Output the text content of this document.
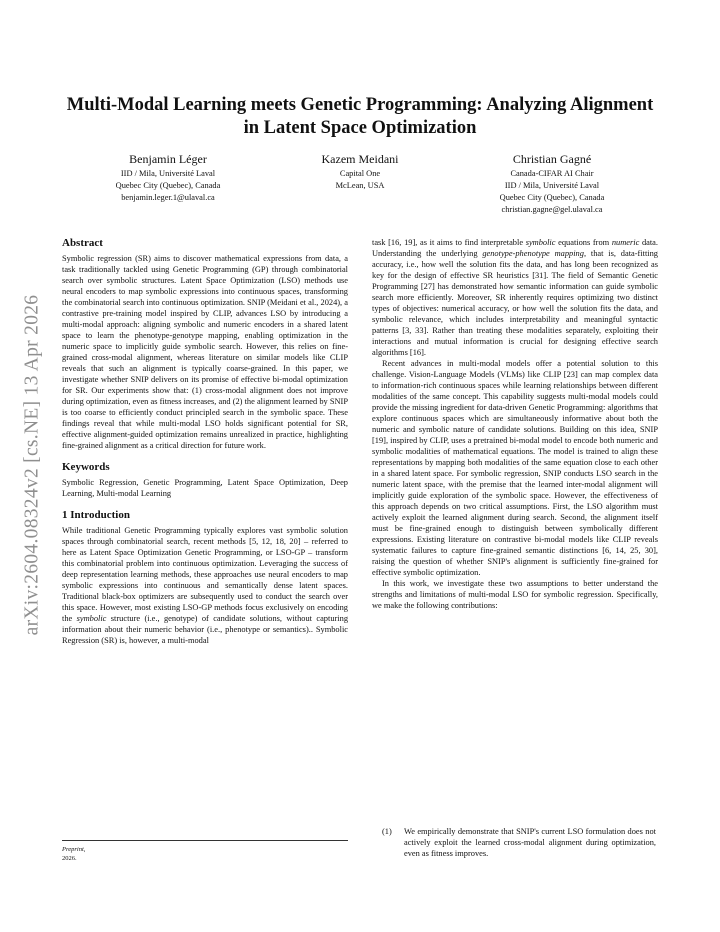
arXiv:2604.08324v2 [cs.NE] 13 Apr 2026
Multi-Modal Learning meets Genetic Programming: Analyzing Alignment in Latent Space Optimization
Benjamin Léger
IID / Mila, Université Laval
Quebec City (Quebec), Canada
benjamin.leger.1@ulaval.ca
Kazem Meidani
Capital One
McLean, USA
Christian Gagné
Canada-CIFAR AI Chair
IID / Mila, Université Laval
Quebec City (Quebec), Canada
christian.gagne@gel.ulaval.ca
Abstract

Symbolic regression (SR) aims to discover mathematical expressions from data, a task traditionally tackled using Genetic Programming (GP) through combinatorial search over symbolic structures. Latent Space Optimization (LSO) methods use neural encoders to map symbolic expressions into continuous spaces, transforming the combinatorial search into continuous optimization. SNIP (Meidani et al., 2024), a contrastive pre-training model inspired by CLIP, advances LSO by introducing a multi-modal approach: aligning symbolic and numeric encoders in a shared latent space to learn the phenotype-genotype mapping, enabling optimization in the numeric space to implicitly guide symbolic search. However, this relies on fine-grained cross-modal alignment, whereas literature on similar models like CLIP reveals that such an alignment is typically coarse-grained. In this paper, we investigate whether SNIP delivers on its promise of effective bi-modal optimization for SR. Our experiments show that: (1) cross-modal alignment does not improve during optimization, even as fitness increases, and (2) the alignment learned by SNIP is too coarse to efficiently conduct principled search in the symbolic space. These findings reveal that while multi-modal LSO holds significant potential for SR, effective alignment-guided optimization remains unrealized in practice, highlighting fine-grained alignment as a critical direction for future work.

Keywords

Symbolic Regression, Genetic Programming, Latent Space Optimization, Deep Learning, Multi-modal Learning

1 Introduction

While traditional Genetic Programming typically explores vast symbolic solution spaces through combinatorial search, recent methods [5, 12, 18, 20] – referred to here as Latent Space Optimization Genetic Programming, or LSO-GP – transform this combinatorial problem into continuous optimization. Leveraging the success of deep representation learning methods, these approaches use neural encoders to map symbolic expressions into continuous and semantically dense latent spaces. Traditional black-box optimizers are subsequently used to conduct the search over this space. However, most existing LSO-GP methods focus exclusively on encoding the symbolic structure (i.e., genotype) of candidate solutions, without capturing information about their numeric behavior (i.e., phenotype or semantics).. Symbolic Regression (SR) is, however, a multi-modal

Preprint,
2026.

task [16, 19], as it aims to find interpretable symbolic equations from numeric data. Understanding the underlying genotype-phenotype mapping, that is, data-fitting accuracy, i.e., how well the solution fits the data, and has long been recognized as key for the design of effective SR heuristics [31]. The field of Semantic Genetic Programming [27] has demonstrated how semantic information can guide symbolic search more efficiently. Moreover, SR inherently requires optimizing two distinct types of objectives: numerical accuracy, or how well the solution fits the data, and symbolic relevance, which includes interpretability and meaningful syntactic patterns [3, 33]. Rather than treating these modalities separately, exploiting their interactions and mutual information is crucial for designing effective search algorithms [16].

Recent advances in multi-modal models offer a potential solution to this challenge. Vision-Language Models (VLMs) like CLIP [23] can map complex data to information-rich continuous spaces while learning relationships between different modalities of the same concept. This capability suggests multi-modal models could provide the missing ingredient for data-driven Genetic Programming: algorithms that explore continuous spaces which are simultaneously informative about both the numeric and symbolic nature of candidate solutions. Building on this idea, SNIP [19], inspired by CLIP, uses a pretrained bi-modal model to encode both numeric and symbolic modalities of mathematical equations. The model is trained to align these representations by mapping both modalities of the same equation close to each other in a shared latent space. For symbolic regression, SNIP conducts LSO search in the numeric latent space, with the premise that the learned inter-modal alignment will implicitly guide exploration of the symbolic space. However, the effectiveness of this approach depends on two critical assumptions. First, the LSO algorithm must actively exploit the learned alignment during search. Second, the alignment itself must be fine-grained enough to distinguish between symbolically different expressions. Existing literature on contrastive bi-modal models like CLIP reveals systematic failures to capture fine-grained semantic distinctions [6, 14, 25, 30], raising the question of whether SNIP's alignment is sufficiently fine-grained for effective symbolic optimization.

In this work, we investigate these two assumptions to better understand the strengths and limitations of multi-modal LSO for symbolic regression. Specifically, we make the following contributions:

(1)	We empirically demonstrate that SNIP's current LSO formulation does not actively exploit the learned cross-modal alignment during optimization, even as fitness improves.
